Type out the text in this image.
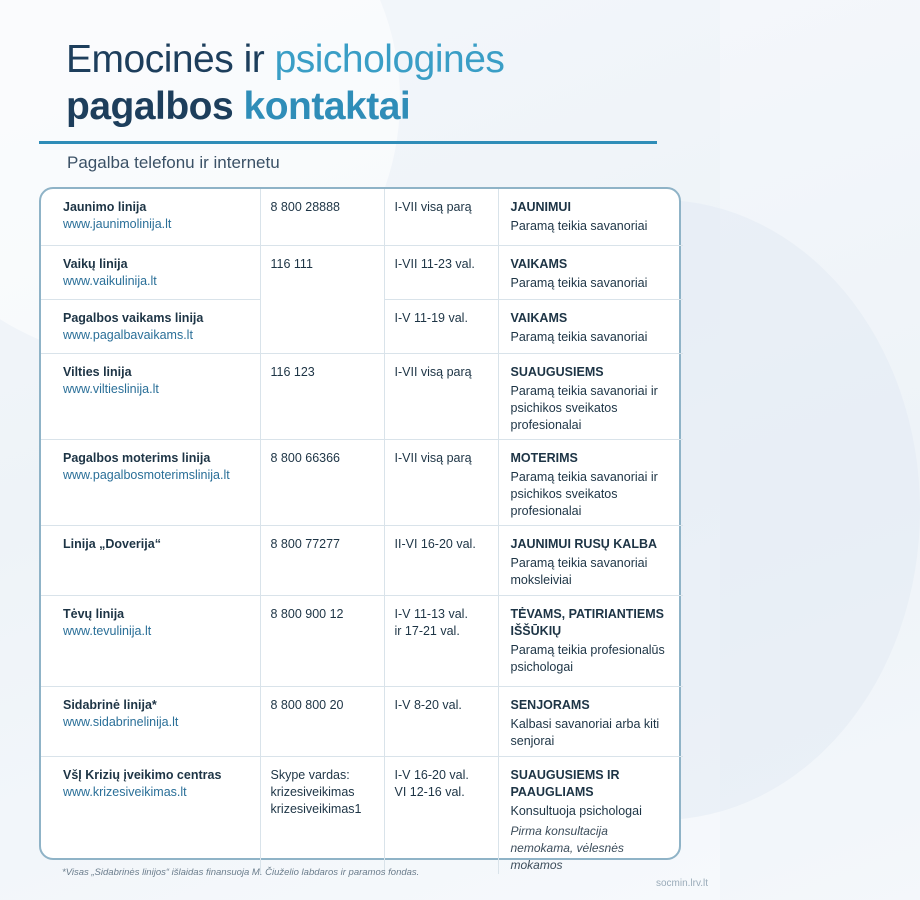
Emocinės ir psichologinės
pagalbos kontaktai
Pagalba telefonu ir internetu
Jaunimo linija
www.jaunimolinija.lt	8 800 28888	I-VII visą parą	JAUNIMUI
Paramą teikia savanoriai

Vaikų linija
www.vaikulinija.lt	116 111	I-VII 11-23 val.	VAIKAMS
Paramą teikia savanoriai

Pagalbos vaikams linija
www.pagalbavaikams.lt		I-V 11-19 val.	VAIKAMS
Paramą teikia savanoriai

Vilties linija
www.viltieslinija.lt	116 123	I-VII visą parą	SUAUGUSIEMS
Paramą teikia savanoriai ir psichikos sveikatos profesionalai

Pagalbos moterims linija
www.pagalbosmoterimslinija.lt	8 800 66366	I-VII visą parą	MOTERIMS
Paramą teikia savanoriai ir psichikos sveikatos profesionalai

Linija „Doverija“	8 800 77277	II-VI 16-20 val.	JAUNIMUI RUSŲ KALBA
Paramą teikia savanoriai moksleiviai

Tėvų linija
www.tevulinija.lt	8 800 900 12	I-V 11-13 val.
ir 17-21 val.	TĖVAMS, PATIRIANTIEMS IŠŠŪKIŲ
Paramą teikia profesionalūs psichologai

Sidabrinė linija*
www.sidabrinelinija.lt	8 800 800 20	I-V 8-20 val.	SENJORAMS
Kalbasi savanoriai arba kiti senjorai

VšĮ Krizių įveikimo centras
www.krizesiveikimas.lt	Skype vardas: krizesiveikimas krizesiveikimas1	I-V 16-20 val.
VI 12-16 val.	SUAUGUSIEMS IR PAAUGLIAMS
Konsultuoja psichologai
Pirma konsultacija nemokama, vėlesnės mokamos
*Visas „Sidabrinės linijos“ išlaidas finansuoja M. Čiuželio labdaros ir paramos fondas.
socmin.lrv.lt
